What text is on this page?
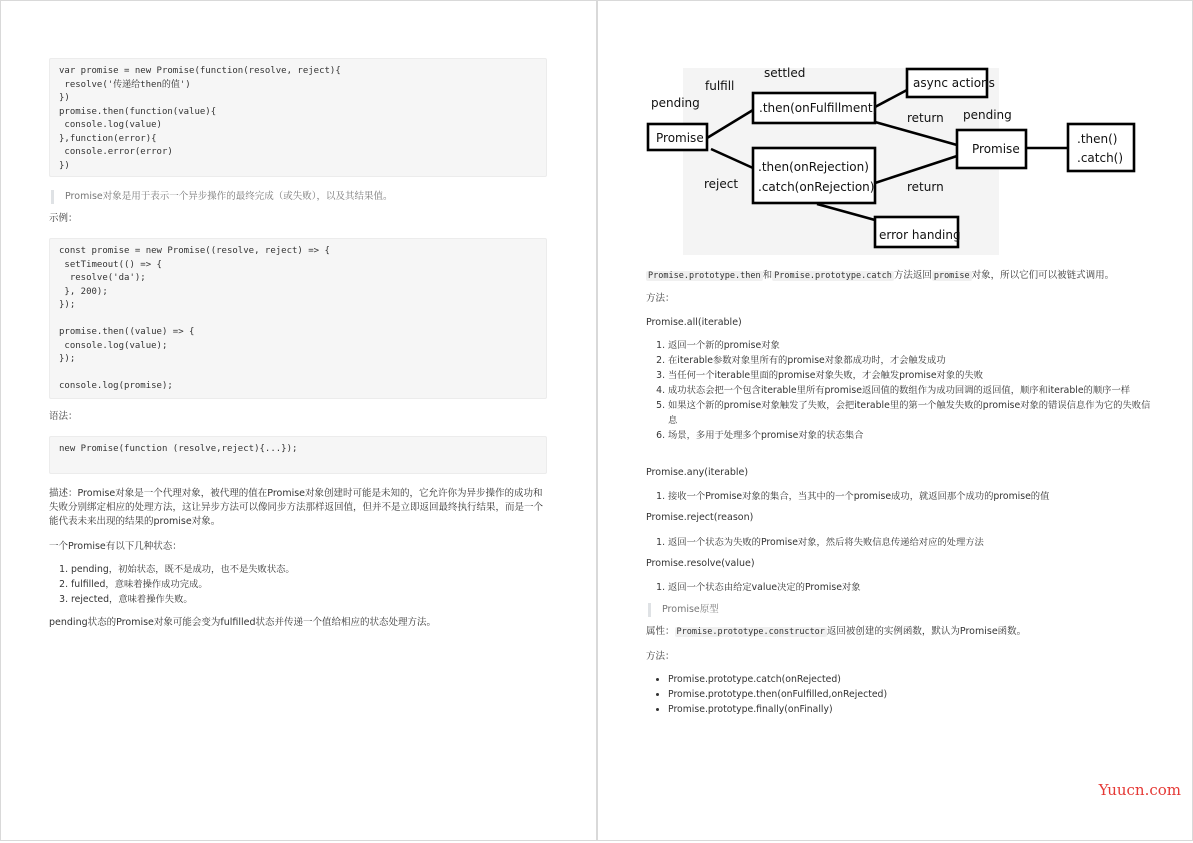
var promise = new Promise(function(resolve, reject){
resolve('传递给then的值')
})
promise.then(function(value){
console.log(value)
},function(error){
console.error(error)
})
Promise对象是用于表示一个异步操作的最终完成（或失败），以及其结果值。

示例：

const promise = new Promise((resolve, reject) => {
setTimeout(() => {
resolve('da');
}, 200);
});

promise.then((value) => {
console.log(value);
});

console.log(promise);

语法：

new Promise(function (resolve,reject){...});

描述：Promise对象是一个代理对象，被代理的值在Promise对象创建时可能是未知的，它允许你为异步操作的成功和失败分别绑定相应的处理方法，这让异步方法可以像同步方法那样返回值，但并不是立即返回最终执行结果，而是一个能代表未来出现的结果的promise对象。

一个Promise有以下几种状态：

1. pending，初始状态，既不是成功，也不是失败状态。
2. fulfilled，意味着操作成功完成。
3. rejected，意味着操作失败。

pending状态的Promise对象可能会变为fulfilled状态并传递一个值给相应的状态处理方法。

Promise.prototype.then 和 Promise.prototype.catch 方法返回 promise 对象，所以它们可以被链式调用。

方法：

Promise.all(iterable)

1. 返回一个新的promise对象
2. 在iterable参数对象里所有的promise对象都成功时，才会触发成功
3. 当任何一个iterable里面的promise对象失败，才会触发promise对象的失败
4. 成功状态会把一个包含iterable里所有promise返回值的数组作为成功回调的返回值，顺序和iterable的顺序一样
5. 如果这个新的promise对象触发了失败，会把iterable里的第一个触发失败的promise对象的错误信息作为它的失败信息
6. 场景，多用于处理多个promise对象的状态集合

Promise.any(iterable)

1. 接收一个Promise对象的集合，当其中的一个promise成功，就返回那个成功的promise的值

Promise.reject(reason)

1. 返回一个状态为失败的Promise对象，然后将失败信息传递给对应的处理方法

Promise.resolve(value)

1. 返回一个状态由给定value决定的Promise对象
Promise原型

属性： Promise.prototype.constructor 返回被创建的实例函数，默认为Promise函数。

方法：

• Promise.prototype.catch(onRejected)
• Promise.prototype.then(onFulfilled,onRejected)
• Promise.prototype.finally(onFinally)
settled
fulfill
pending
Promise
.then(onFulfillment)
async actions
return pending
Promise
.then()
.catch()
reject
.then(onRejection)
.catch(onRejection)	return
error handing
Yuucn.com
